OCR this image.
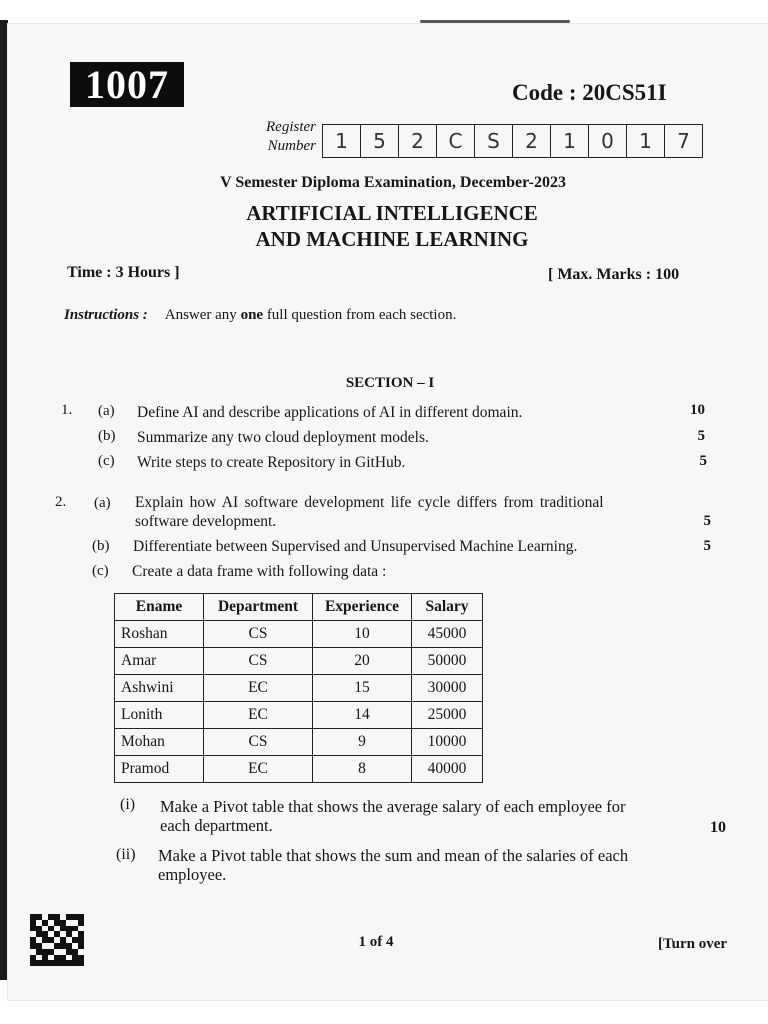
1007	Code : 20CS51I
Register
Number 1	5	2	C	S	2	1	0	1	7
V Semester Diploma Examination, December-2023
ARTIFICIAL INTELLIGENCE
AND MACHINE LEARNING
Time : 3 Hours ]	[ Max. Marks : 100
Instructions : Answer any one full question from each section.
SECTION – I
1. (a) Define AI and describe applications of AI in different domain.	10
(b) Summarize any two cloud deployment models.	5
(c) Write steps to create Repository in GitHub.	5
2. (a) Explain how AI software development life cycle differs from traditional
software development.	5
(b) Differentiate between Supervised and Unsupervised Machine Learning.	5
(c) Create a data frame with following data :
Ename	Department	Experience	Salary
Roshan	CS	10	45000
Amar	CS	20	50000
Ashwini	EC	15	30000
Lonith	EC	14	25000
Mohan	CS	9	10000
Pramod	EC	8	40000
(i) Make a Pivot table that shows the average salary of each employee for
each department.	10
(ii) Make a Pivot table that shows the sum and mean of the salaries of each
employee.
1 of 4	[Turn over
